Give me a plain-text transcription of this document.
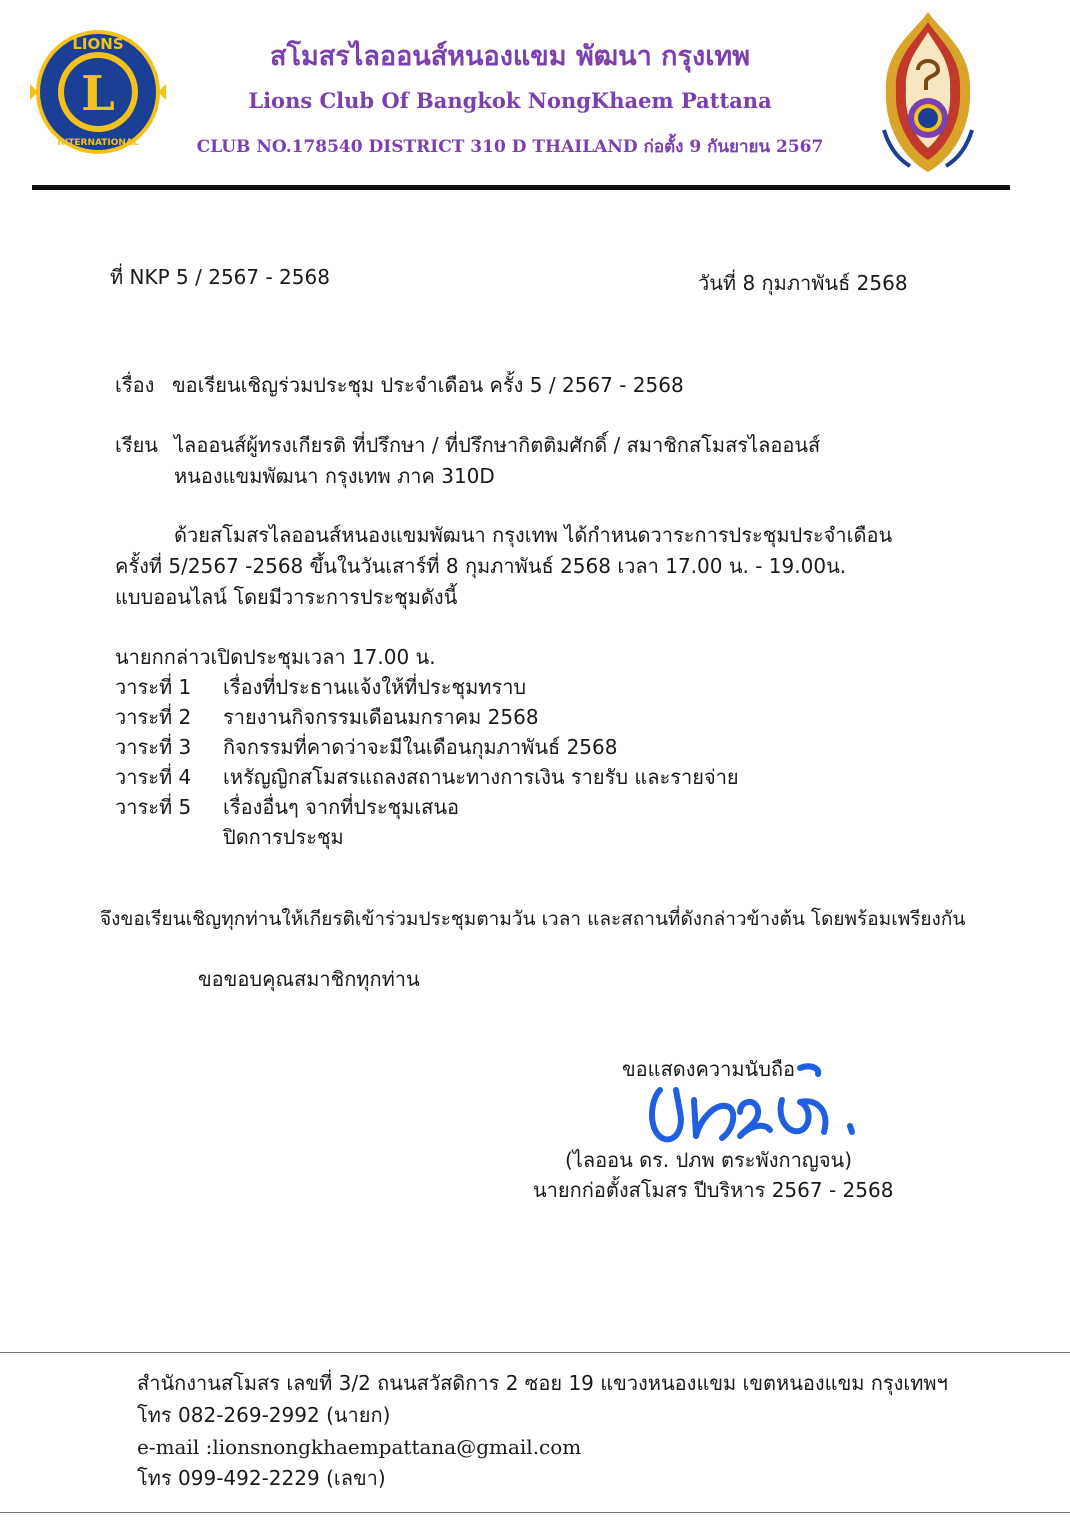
L
LIONS
INTERNATIONAL
สโมสรไลออนส์หนองแขม พัฒนา กรุงเทพ
Lions Club Of Bangkok NongKhaem Pattana
CLUB NO.178540 DISTRICT 310 D THAILAND ก่อตั้ง 9 กันยายน 2567
ที่ NKP 5 / 2567 - 2568	วันที่ 8 กุมภาพันธ์ 2568
เรื่อง ขอเรียนเชิญร่วมประชุม ประจำเดือน ครั้ง 5 / 2567 - 2568
เรียน ไลออนส์ผู้ทรงเกียรติ ที่ปรึกษา / ที่ปรึกษากิตติมศักดิ์ / สมาชิกสโมสรไลออนส์
หนองแขมพัฒนา กรุงเทพ ภาค 310D
ด้วยสโมสรไลออนส์หนองแขมพัฒนา กรุงเทพ ได้กำหนดวาระการประชุมประจำเดือน
ครั้งที่ 5/2567 -2568 ขึ้นในวันเสาร์ที่ 8 กุมภาพันธ์ 2568 เวลา 17.00 น. - 19.00น.
แบบออนไลน์ โดยมีวาระการประชุมดังนี้
นายกกล่าวเปิดประชุมเวลา 17.00 น.
วาระที่ 1 เรื่องที่ประธานแจ้งให้ที่ประชุมทราบ
วาระที่ 2 รายงานกิจกรรมเดือนมกราคม 2568
วาระที่ 3 กิจกรรมที่คาดว่าจะมีในเดือนกุมภาพันธ์ 2568
วาระที่ 4 เหรัญญิกสโมสรแถลงสถานะทางการเงิน รายรับ และรายจ่าย
วาระที่ 5 เรื่องอื่นๆ จากที่ประชุมเสนอ
ปิดการประชุม
จึงขอเรียนเชิญทุกท่านให้เกียรติเข้าร่วมประชุมตามวัน เวลา และสถานที่ดังกล่าวข้างต้น โดยพร้อมเพรียงกัน
ขอขอบคุณสมาชิกทุกท่าน
ขอแสดงความนับถือ
(ไลออน ดร. ปภพ ตระพังกาญจน)
นายกก่อตั้งสโมสร ปีบริหาร 2567 - 2568
สำนักงานสโมสร เลขที่ 3/2 ถนนสวัสดิการ 2 ซอย 19 แขวงหนองแขม เขตหนองแขม กรุงเทพฯ
โทร 082-269-2992 (นายก)
e-mail :lionsnongkhaempattana@gmail.com
โทร 099-492-2229 (เลขา)
